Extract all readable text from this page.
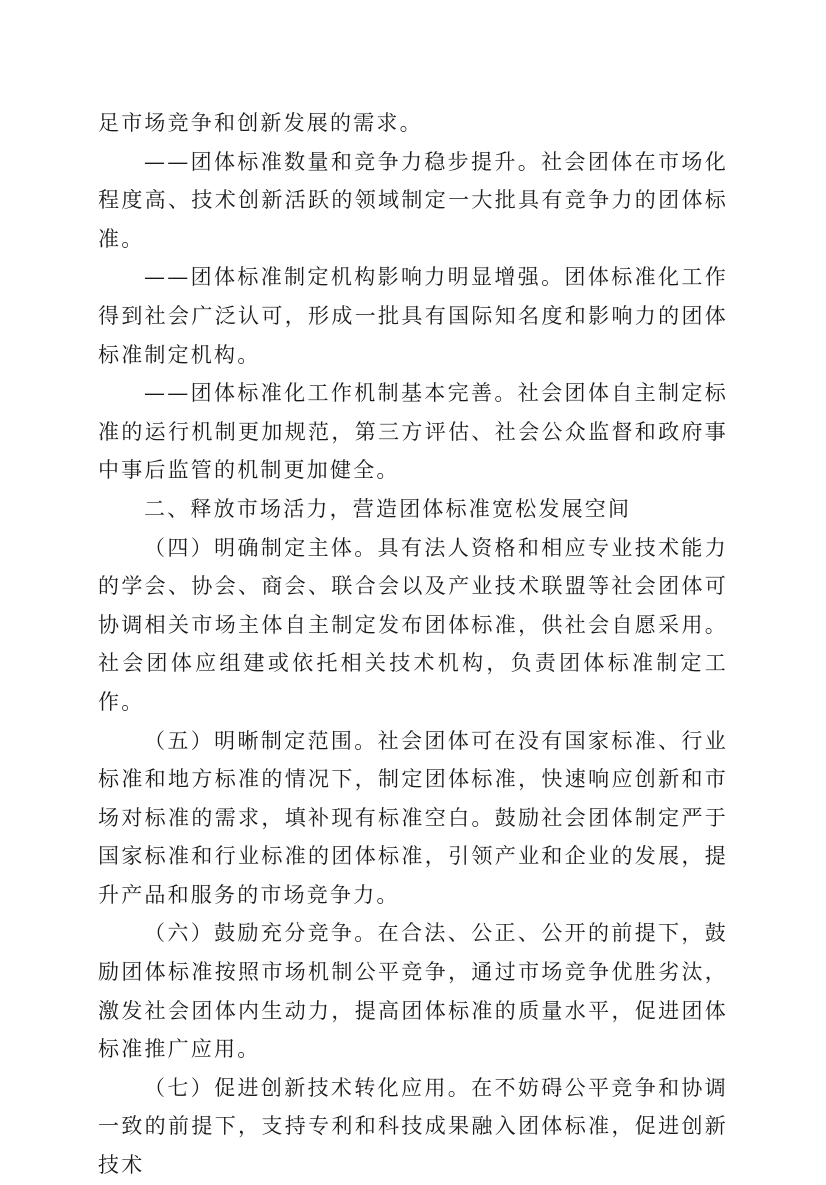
足市场竞争和创新发展的需求。

——团体标准数量和竞争力稳步提升。社会团体在市场化程度高、技术创新活跃的领域制定一大批具有竞争力的团体标准。

——团体标准制定机构影响力明显增强。团体标准化工作得到社会广泛认可，形成一批具有国际知名度和影响力的团体标准制定机构。

——团体标准化工作机制基本完善。社会团体自主制定标准的运行机制更加规范，第三方评估、社会公众监督和政府事中事后监管的机制更加健全。

二、释放市场活力，营造团体标准宽松发展空间

（四）明确制定主体。具有法人资格和相应专业技术能力的学会、协会、商会、联合会以及产业技术联盟等社会团体可协调相关市场主体自主制定发布团体标准，供社会自愿采用。社会团体应组建或依托相关技术机构，负责团体标准制定工作。

（五）明晰制定范围。社会团体可在没有国家标准、行业标准和地方标准的情况下，制定团体标准，快速响应创新和市场对标准的需求，填补现有标准空白。鼓励社会团体制定严于国家标准和行业标准的团体标准，引领产业和企业的发展，提升产品和服务的市场竞争力。

（六）鼓励充分竞争。在合法、公正、公开的前提下，鼓励团体标准按照市场机制公平竞争，通过市场竞争优胜劣汰，激发社会团体内生动力，提高团体标准的质量水平，促进团体标准推广应用。

（七）促进创新技术转化应用。在不妨碍公平竞争和协调一致的前提下，支持专利和科技成果融入团体标准，促进创新技术
